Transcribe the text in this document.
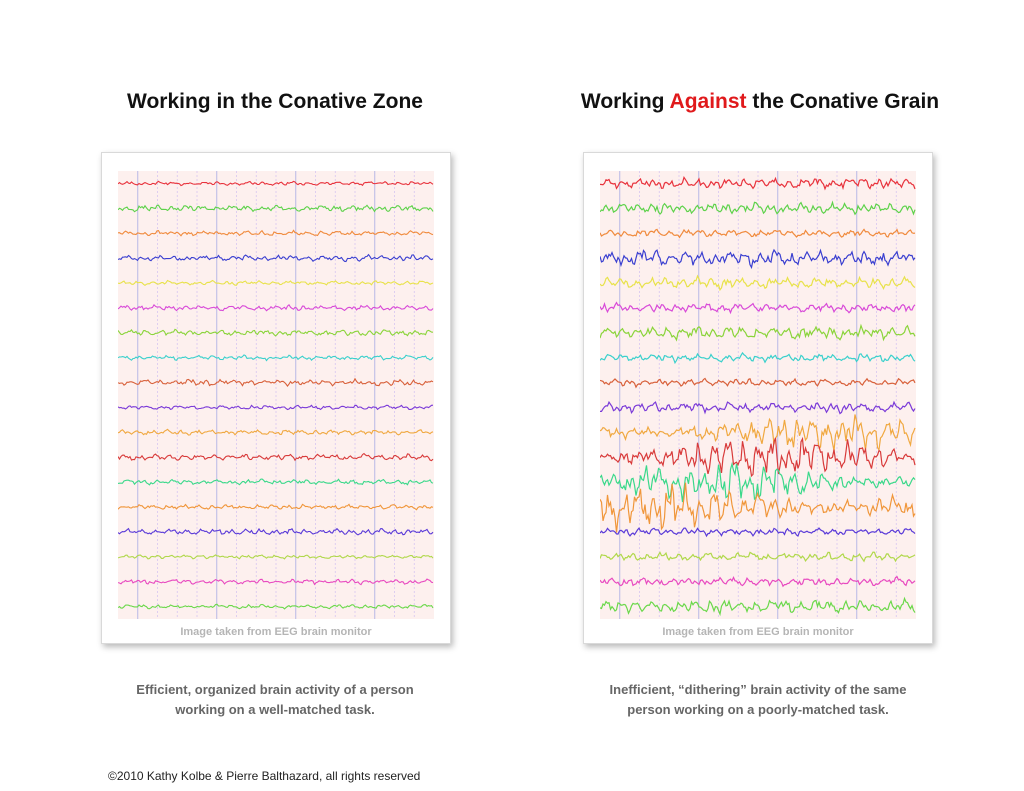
Working in the Conative Zone	Working Against the Conative Grain
Image taken from EEG brain monitor	Image taken from EEG brain monitor
Efficient, organized brain activity of a person
working on a well-matched task.
Inefficient, “dithering” brain activity of the same
person working on a poorly-matched task.
©2010 Kathy Kolbe & Pierre Balthazard, all rights reserved
